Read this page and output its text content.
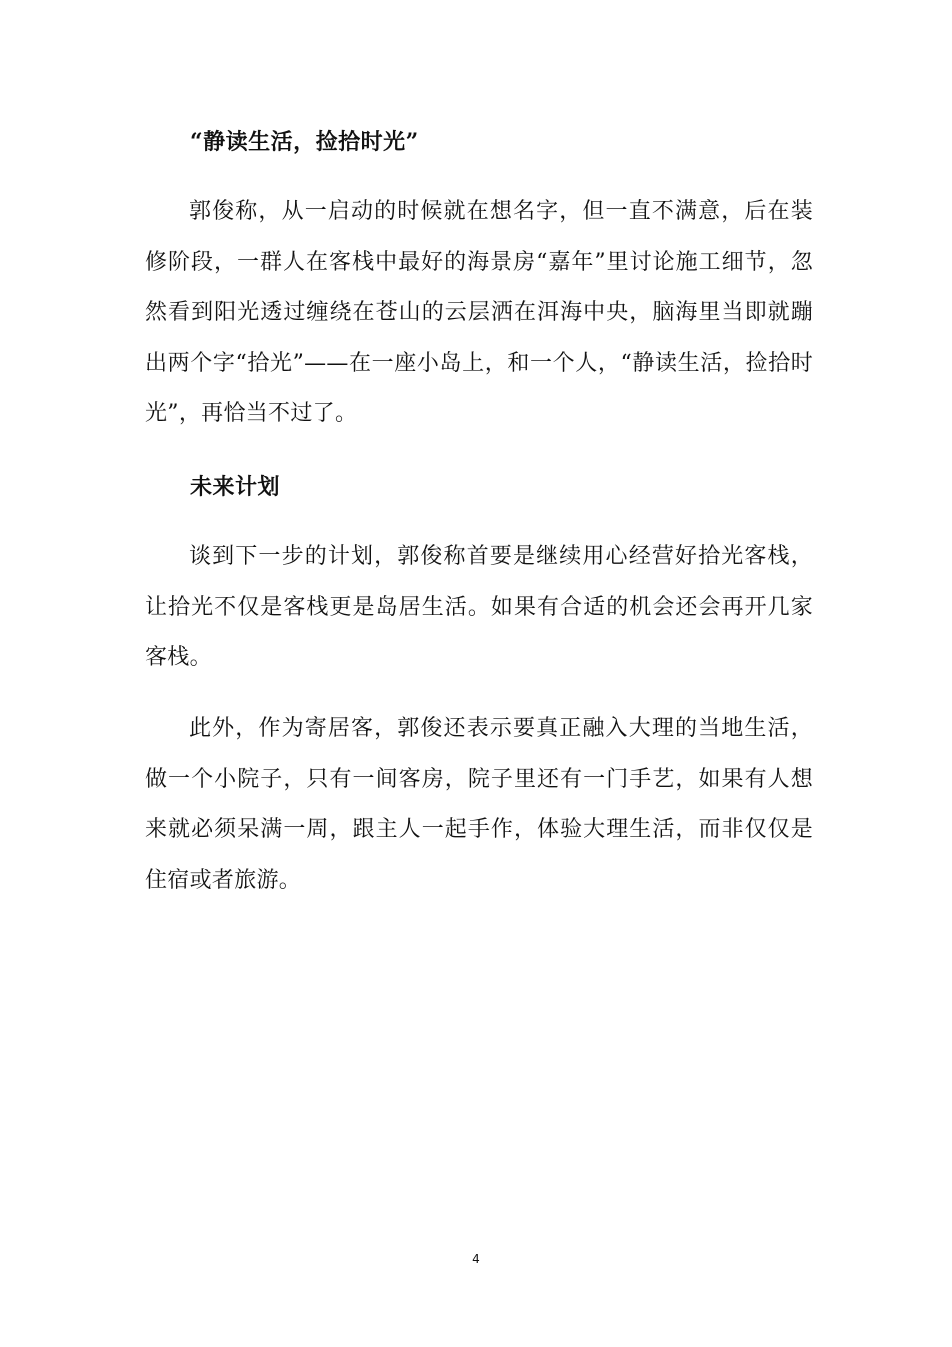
“静读生活，捡拾时光”

郭俊称，从一启动的时候就在想名字，但一直不满意，后在装修阶段，一群人在客栈中最好的海景房“嘉年”里讨论施工细节，忽然看到阳光透过缠绕在苍山的云层洒在洱海中央，脑海里当即就蹦出两个字“拾光”——在一座小岛上，和一个人，“静读生活，捡拾时光”，再恰当不过了。

未来计划

谈到下一步的计划，郭俊称首要是继续用心经营好拾光客栈，让拾光不仅是客栈更是岛居生活。如果有合适的机会还会再开几家客栈。

此外，作为寄居客，郭俊还表示要真正融入大理的当地生活，做一个小院子，只有一间客房，院子里还有一门手艺，如果有人想来就必须呆满一周，跟主人一起手作，体验大理生活，而非仅仅是住宿或者旅游。

4
